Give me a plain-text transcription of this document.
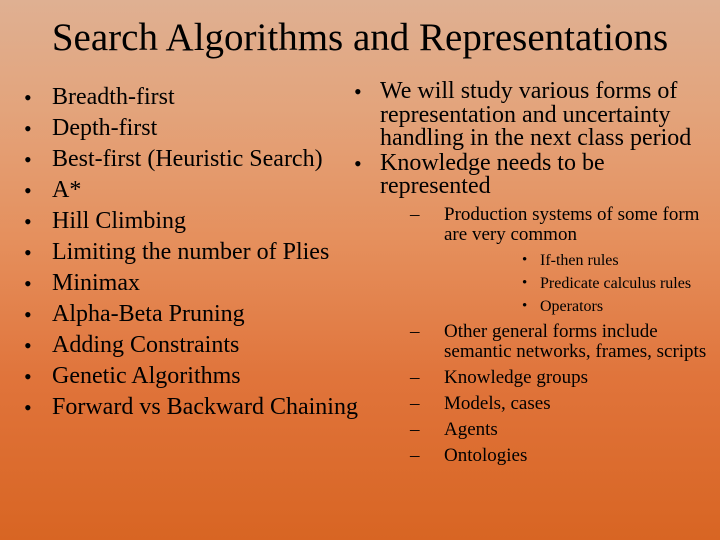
Search Algorithms and Representations
• Breadth-first
• Depth-first
• Best-first (Heuristic Search)
• A*
• Hill Climbing
• Limiting the number of Plies
• Minimax
• Alpha-Beta Pruning
• Adding Constraints
• Genetic Algorithms
• Forward vs Backward Chaining
• We will study various forms of representation and uncertainty handling in the next class period
• Knowledge needs to be represented
– Production systems of some form are very common
• If-then rules
• Predicate calculus rules
• Operators
– Other general forms include semantic networks, frames, scripts
– Knowledge groups
– Models, cases
– Agents
– Ontologies
